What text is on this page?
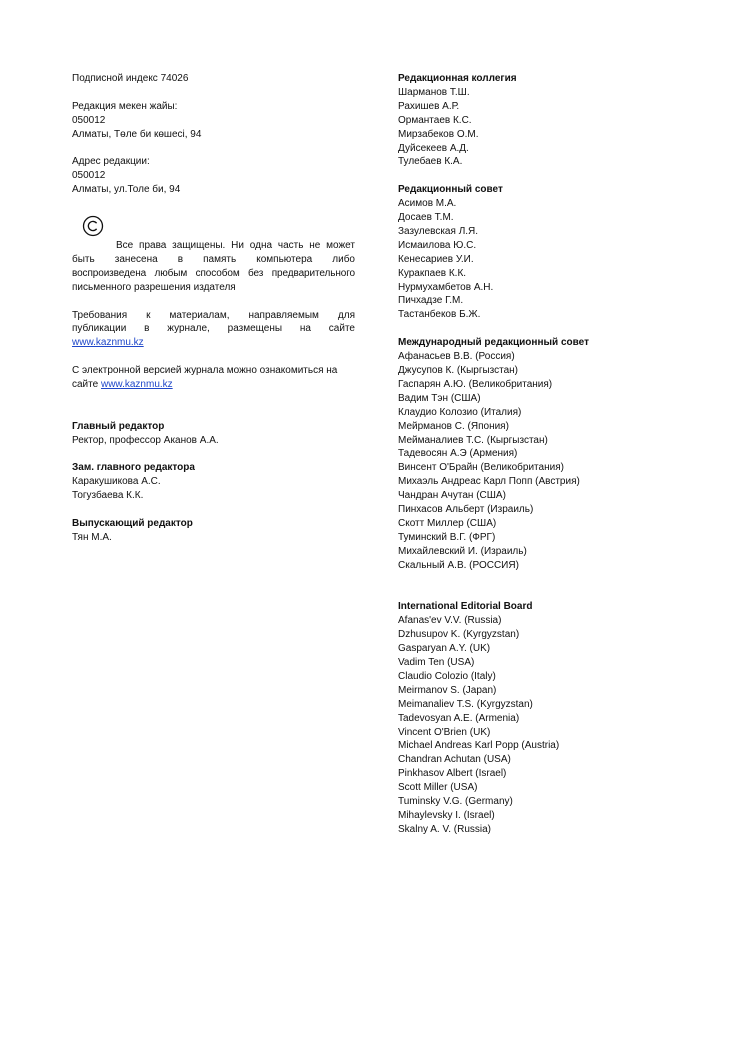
Подписной индекс 74026
Редакция мекен жайы:
050012
Алматы, Төле би көшесі, 94
Адрес редакции:
050012
Алматы, ул.Толе би, 94
Все права защищены. Ни одна часть не может
быть занесена в память компьютера либо
воспроизведена любым способом без предварительного
письменного разрешения издателя
Требования к материалам, направляемым для
публикации в журнале, размещены на сайте
www.kaznmu.kz
С электронной версией журнала можно ознакомиться на
сайте www.kaznmu.kz
Главный редактор
Ректор, профессор Аканов А.А.
Зам. главного редактора
Каракушикова А.С.
Тогузбаева К.К.
Выпускающий редактор
Тян М.А.
Редакционная коллегия
Шарманов Т.Ш.
Рахишев А.Р.
Ормантаев К.С.
Мирзабеков О.М.
Дуйсекеев А.Д.
Тулебаев К.А.
Редакционный совет
Асимов М.А.
Досаев Т.М.
Зазулевская Л.Я.
Исмаилова Ю.С.
Кенесариев У.И.
Куракпаев К.К.
Нурмухамбетов А.Н.
Пичхадзе Г.М.
Тастанбеков Б.Ж.
Международный редакционный совет
Афанасьев В.В. (Россия)
Джусупов К. (Кыргызстан)
Гаспарян А.Ю. (Великобритания)
Вадим Тэн (США)
Клаудио Колозио (Италия)
Мейрманов С. (Япония)
Мейманалиев Т.С. (Кыргызстан)
Тадевосян А.Э (Армения)
Винсент О'Брайн (Великобритания)
Михаэль Андреас Карл Попп (Австрия)
Чандран Ачутан (США)
Пинхасов Альберт (Израиль)
Скотт Миллер (США)
Туминский В.Г. (ФРГ)
Михайлевский И. (Израиль)
Скальный А.В. (РОССИЯ)
International Editorial Board
Afanas'ev V.V. (Russia)
Dzhusupov K. (Kyrgyzstan)
Gasparyan A.Y. (UK)
Vadim Ten (USA)
Claudio Colozio (Italy)
Meirmanov S. (Japan)
Meimanaliev T.S. (Kyrgyzstan)
Tadevosyan A.E. (Armenia)
Vincent O'Brien (UK)
Michael Andreas Karl Popp (Austria)
Chandran Achutan (USA)
Pinkhasov Albert (Israel)
Scott Miller (USA)
Tuminsky V.G. (Germany)
Mihaylevsky I. (Israel)
Skalny A. V. (Russia)
